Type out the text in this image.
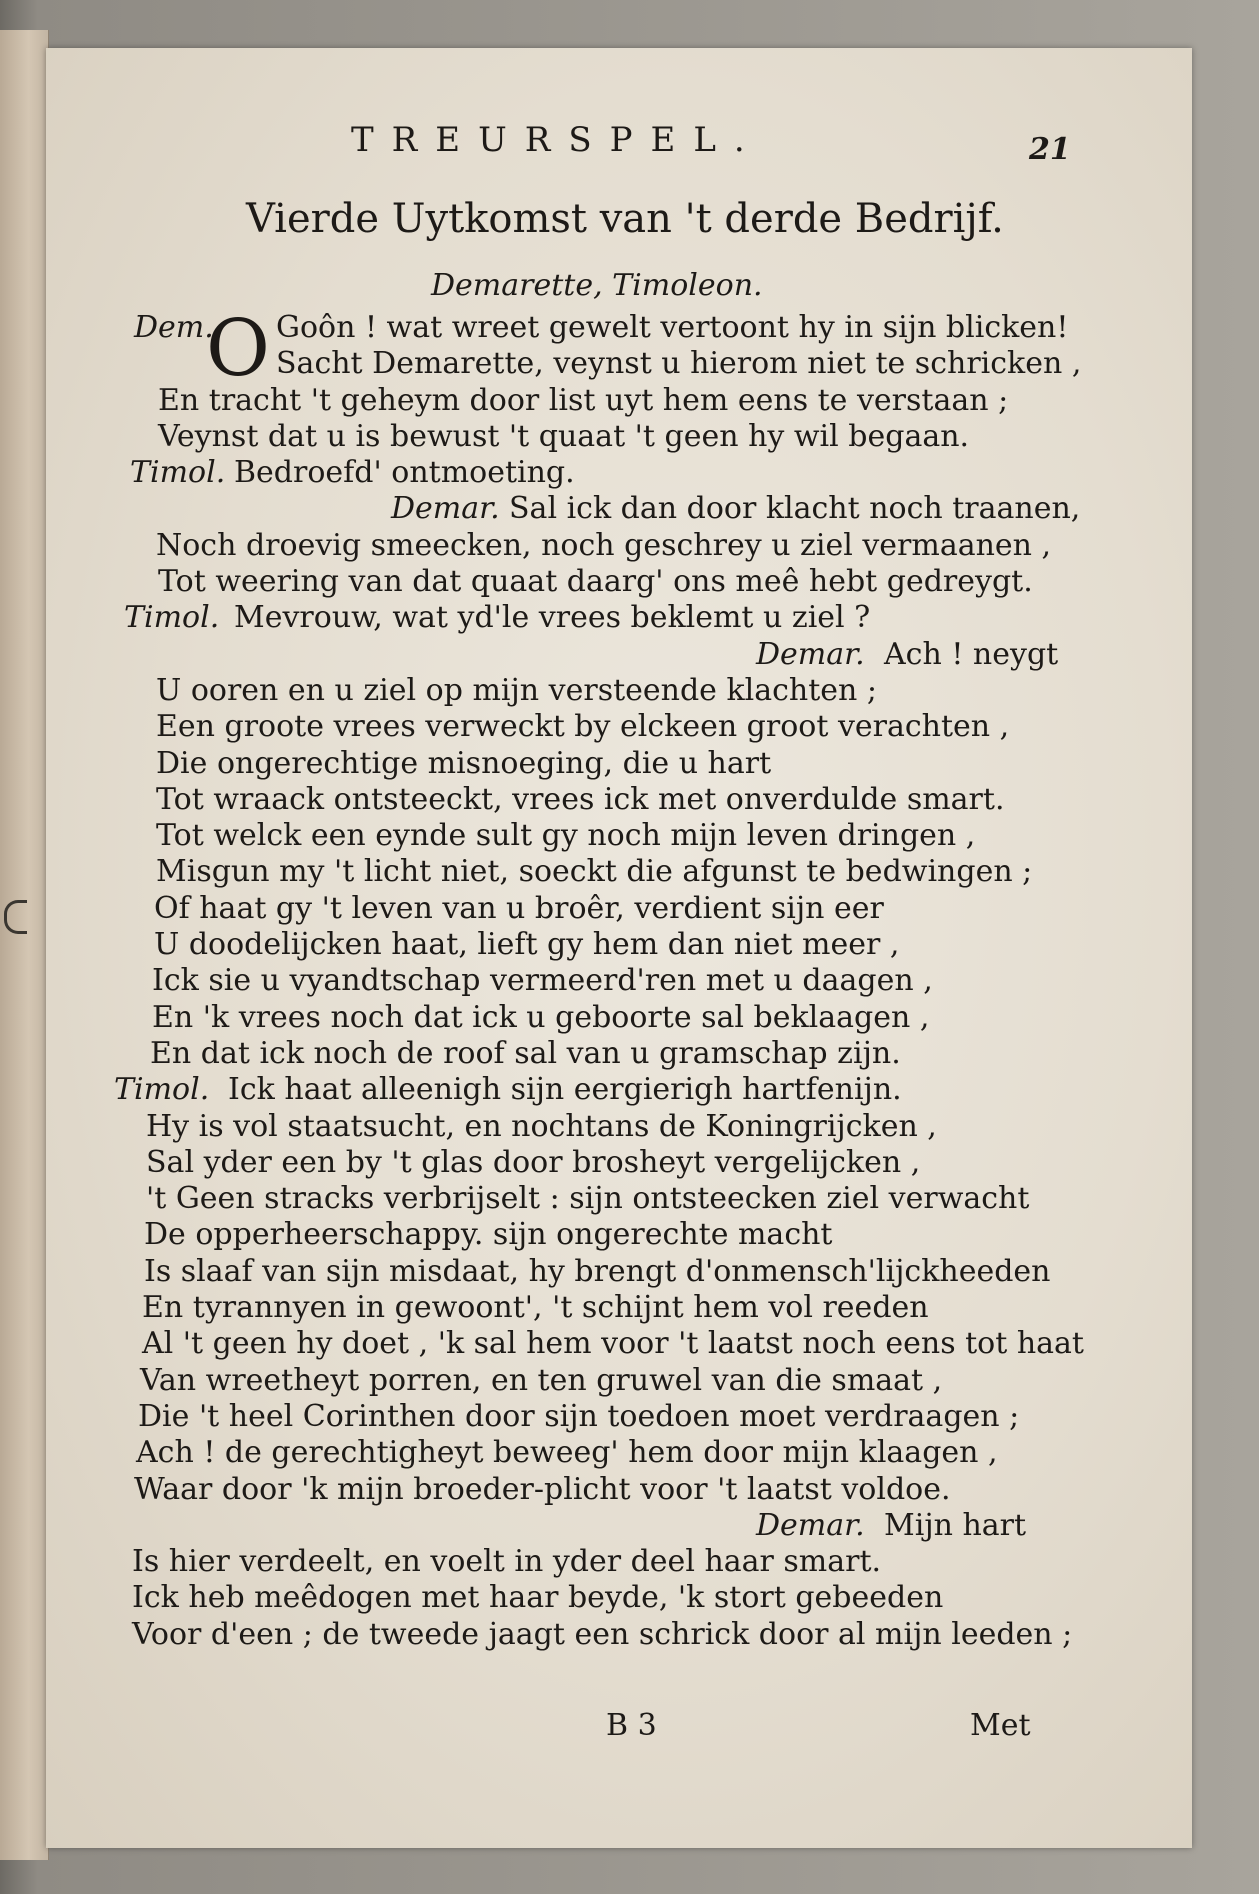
TREURSPEL.	21
Vierde Uytkomst van 't derde Bedrijf.
Demarette, Timoleon.
O
Dem. Goôn ! wat wreet gewelt vertoont hy in sijn blicken!
Sacht Demarette, veynst u hierom niet te schricken ,
En tracht 't geheym door list uyt hem eens te verstaan ;
Veynst dat u is bewust 't quaat 't geen hy wil begaan.
Timol. Bedroefd' ontmoeting.
Demar. Sal ick dan door klacht noch traanen,
Noch droevig smeecken, noch geschrey u ziel vermaanen ,
Tot weering van dat quaat daarg' ons meê hebt gedreygt.
Timol. Mevrouw, wat yd'le vrees beklemt u ziel ?
Demar. Ach ! neygt
U ooren en u ziel op mijn versteende klachten ;
Een groote vrees verweckt by elckeen groot verachten ,
Die ongerechtige misnoeging, die u hart
Tot wraack ontsteeckt, vrees ick met onverdulde smart.
Tot welck een eynde sult gy noch mijn leven dringen ,
Misgun my 't licht niet, soeckt die afgunst te bedwingen ;
Of haat gy 't leven van u broêr, verdient sijn eer
U doodelijcken haat, lieft gy hem dan niet meer ,
Ick sie u vyandtschap vermeerd'ren met u daagen ,
En 'k vrees noch dat ick u geboorte sal beklaagen ,
En dat ick noch de roof sal van u gramschap zijn.
Timol. Ick haat alleenigh sijn eergierigh hartfenijn.
Hy is vol staatsucht, en nochtans de Koningrijcken ,
Sal yder een by 't glas door brosheyt vergelijcken ,
't Geen stracks verbrijselt : sijn ontsteecken ziel verwacht
De opperheerschappy. sijn ongerechte macht
Is slaaf van sijn misdaat, hy brengt d'onmensch'lijckheeden
En tyrannyen in gewoont', 't schijnt hem vol reeden
Al 't geen hy doet , 'k sal hem voor 't laatst noch eens tot haat
Van wreetheyt porren, en ten gruwel van die smaat ,
Die 't heel Corinthen door sijn toedoen moet verdraagen ;
Ach ! de gerechtigheyt beweeg' hem door mijn klaagen ,
Waar door 'k mijn broeder-plicht voor 't laatst voldoe.
Demar. Mijn hart
Is hier verdeelt, en voelt in yder deel haar smart.
Ick heb meêdogen met haar beyde, 'k stort gebeeden
Voor d'een ; de tweede jaagt een schrick door al mijn leeden ;
B 3	Met
